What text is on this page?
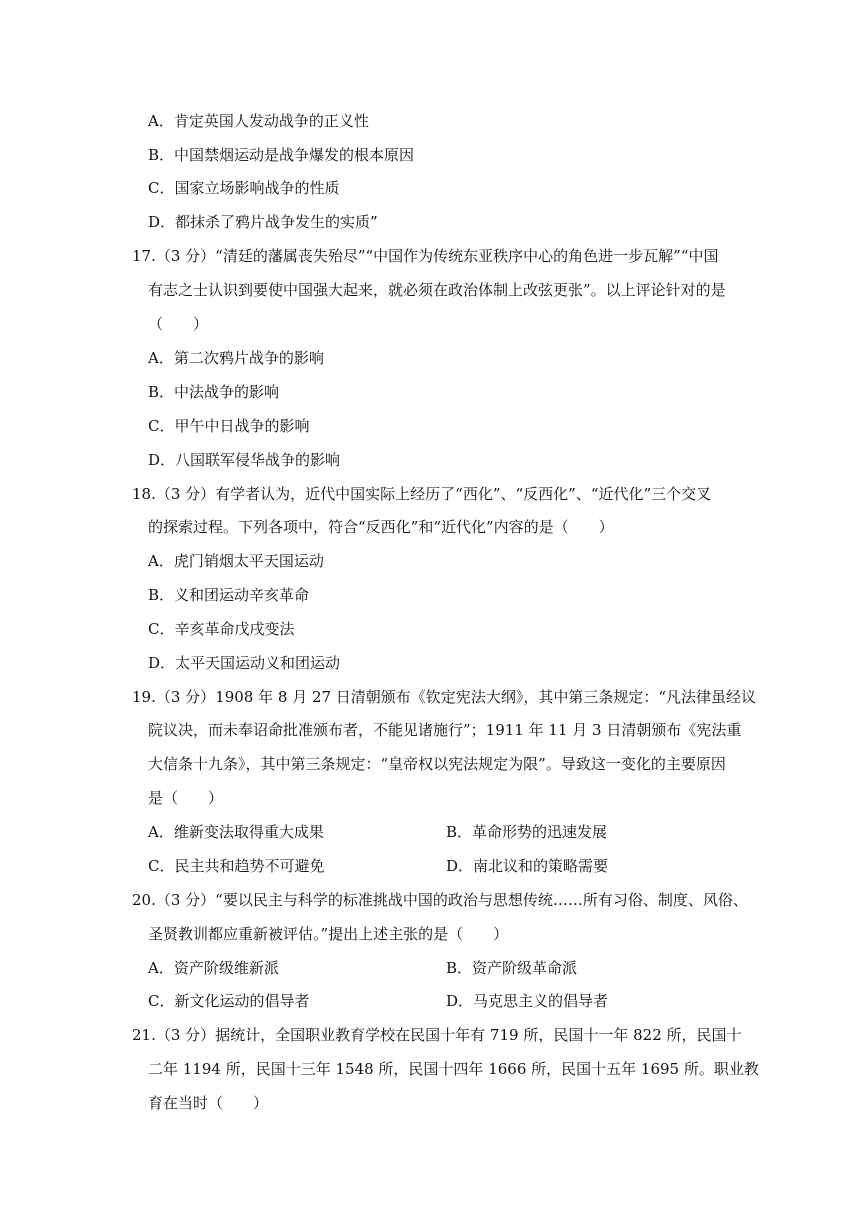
A．肯定英国人发动战争的正义性
B．中国禁烟运动是战争爆发的根本原因
C．国家立场影响战争的性质
D．都抹杀了鸦片战争发生的实质”
17.（3 分）“清廷的藩属丧失殆尽”“中国作为传统东亚秩序中心的角色进一步瓦解”“中国
有志之士认识到要使中国强大起来，就必须在政治体制上改弦更张”。以上评论针对的是
（　　）
A．第二次鸦片战争的影响
B．中法战争的影响
C．甲午中日战争的影响
D．八国联军侵华战争的影响
18.（3 分）有学者认为，近代中国实际上经历了“西化”、“反西化”、“近代化”三个交叉
的探索过程。下列各项中，符合“反西化”和“近代化”内容的是（　　）
A．虎门销烟太平天国运动
B．义和团运动辛亥革命
C．辛亥革命戊戌变法
D．太平天国运动义和团运动
19.（3 分）1908 年 8 月 27 日清朝颁布《钦定宪法大纲》，其中第三条规定：“凡法律虽经议
院议决，而未奉诏命批准颁布者，不能见诸施行”；1911 年 11 月 3 日清朝颁布《宪法重
大信条十九条》，其中第三条规定：“皇帝权以宪法规定为限”。导致这一变化的主要原因
是（　　）
A．维新变法取得重大成果	B．革命形势的迅速发展
C．民主共和趋势不可避免	D．南北议和的策略需要
20.（3 分）“要以民主与科学的标准挑战中国的政治与思想传统……所有习俗、制度、风俗、
圣贤教训都应重新被评估。”提出上述主张的是（　　）
A．资产阶级维新派	B．资产阶级革命派
C．新文化运动的倡导者	D．马克思主义的倡导者
21.（3 分）据统计，全国职业教育学校在民国十年有 719 所，民国十一年 822 所，民国十
二年 1194 所，民国十三年 1548 所，民国十四年 1666 所，民国十五年 1695 所。职业教
育在当时（　　）
